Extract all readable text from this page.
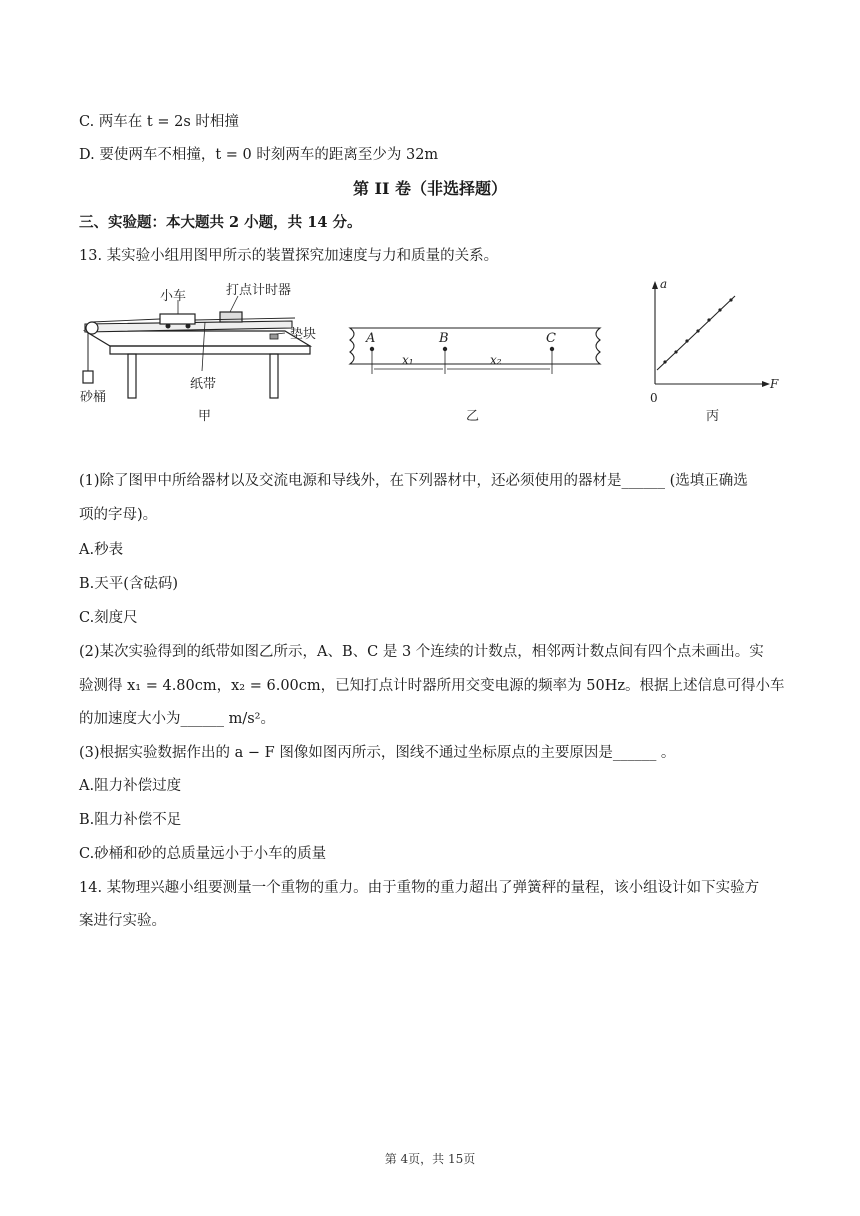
C. 两车在 t = 2s 时相撞
D. 要使两车不相撞，t = 0 时刻两车的距离至少为 32m
第 II 卷（非选择题）
三、实验题：本大题共 2 小题，共 14 分。
13. 某实验小组用图甲所示的装置探究加速度与力和质量的关系。
小车	打点计时器
垫块
纸带
砂桶
甲
A	B	C
x₁	x₂
乙
a
F
0
丙
(1)除了图甲中所给器材以及交流电源和导线外，在下列器材中，还必须使用的器材是______ (选填正确选
项的字母)。
A.秒表
B.天平(含砝码)
C.刻度尺
(2)某次实验得到的纸带如图乙所示，A、B、C 是 3 个连续的计数点，相邻两计数点间有四个点未画出。实
验测得 x₁ = 4.80cm，x₂ = 6.00cm，已知打点计时器所用交变电源的频率为 50Hz。根据上述信息可得小车
的加速度大小为______ m/s²。
(3)根据实验数据作出的 a − F 图像如图丙所示，图线不通过坐标原点的主要原因是______ 。
A.阻力补偿过度
B.阻力补偿不足
C.砂桶和砂的总质量远小于小车的质量
14. 某物理兴趣小组要测量一个重物的重力。由于重物的重力超出了弹簧秤的量程，该小组设计如下实验方
案进行实验。
第 4页，共 15页
